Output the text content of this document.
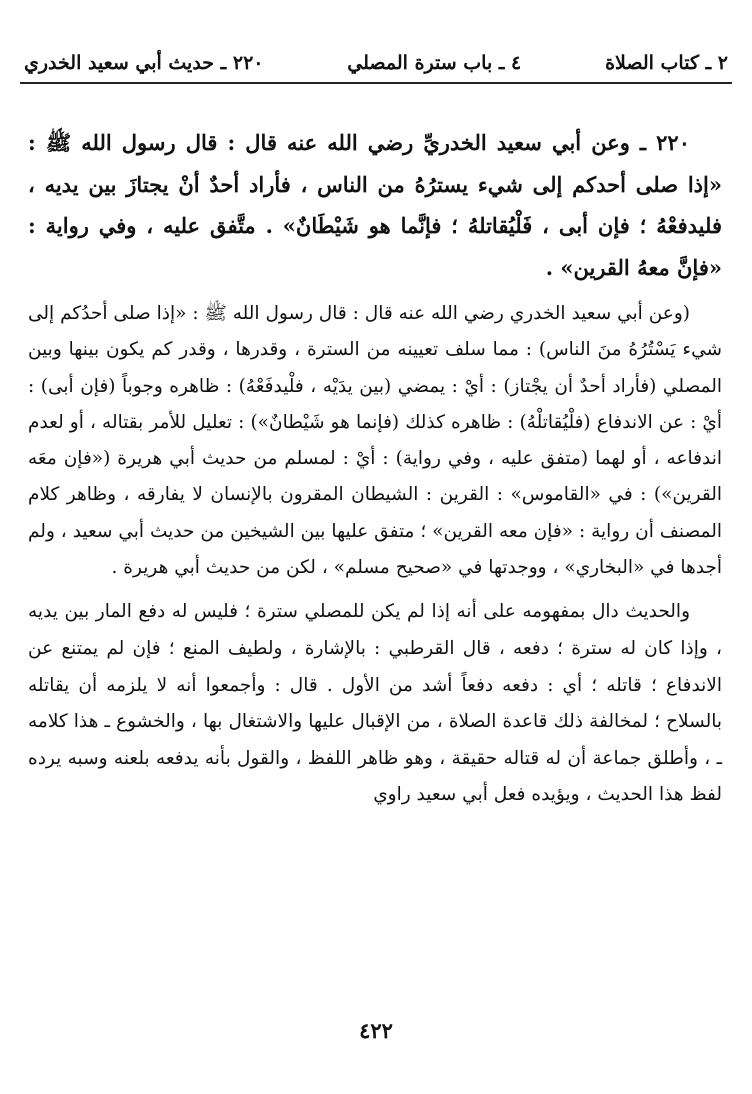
٢ ـ كتاب الصلاة
٤ ـ باب سترة المصلي
٢٢٠ ـ حديث أبي سعيد الخدري

٢٢٠ ـ وعن أبي سعيد الخدريِّ رضي الله عنه قال : قال رسول الله ﷺ : «إذا صلى أحدكم إلى شيء يسترُهُ من الناس ، فأراد أحدٌ أنْ يجتازَ بين يديه ، فليدفعْهُ ؛ فإن أبى ، فَلْيُقاتلهُ ؛ فإنَّما هو شَيْطَانٌ» . متَّفق عليه ، وفي رواية : «فإنَّ معهُ القرين» .

(وعن أبي سعيد الخدري رضي الله عنه قال : قال رسول الله ﷺ : «إذا صلى أحدُكم إلى شيء يَسْتُرُهُ منَ الناس) : مما سلف تعيينه من السترة ، وقدرها ، وقدر كم يكون بينها وبين المصلي (فأراد أحدٌ أن يجْتاز) : أيْ : يمضي (بين يدَيْه ، فلْيدفَعْهُ) : ظاهره وجوباً (فإن أبى) : أيْ : عن الاندفاع (فلْيُقاتلْهُ) : ظاهره كذلك (فإنما هو شَيْطانٌ») : تعليل للأمر بقتاله ، أو لعدم اندفاعه ، أو لهما (متفق عليه ، وفي رواية) : أيْ : لمسلم من حديث أبي هريرة («فإن معَه القرين») : في «القاموس» : القرين : الشيطان المقرون بالإنسان لا يفارقه ، وظاهر كلام المصنف أن رواية : «فإن معه القرين» ؛ متفق عليها بين الشيخين من حديث أبي سعيد ، ولم أجدها في «البخاري» ، ووجدتها في «صحيح مسلم» ، لكن من حديث أبي هريرة .

والحديث دال بمفهومه على أنه إذا لم يكن للمصلي سترة ؛ فليس له دفع المار بين يديه ، وإذا كان له سترة ؛ دفعه ، قال القرطبي : بالإشارة ، ولطيف المنع ؛ فإن لم يمتنع عن الاندفاع ؛ قاتله ؛ أي : دفعه دفعاً أشد من الأول . قال : وأجمعوا أنه لا يلزمه أن يقاتله بالسلاح ؛ لمخالفة ذلك قاعدة الصلاة ، من الإقبال عليها والاشتغال بها ، والخشوع ـ هذا كلامه ـ ، وأطلق جماعة أن له قتاله حقيقة ، وهو ظاهر اللفظ ، والقول بأنه يدفعه بلعنه وسبه يرده لفظ هذا الحديث ، ويؤيده فعل أبي سعيد راوي

٤٢٢
